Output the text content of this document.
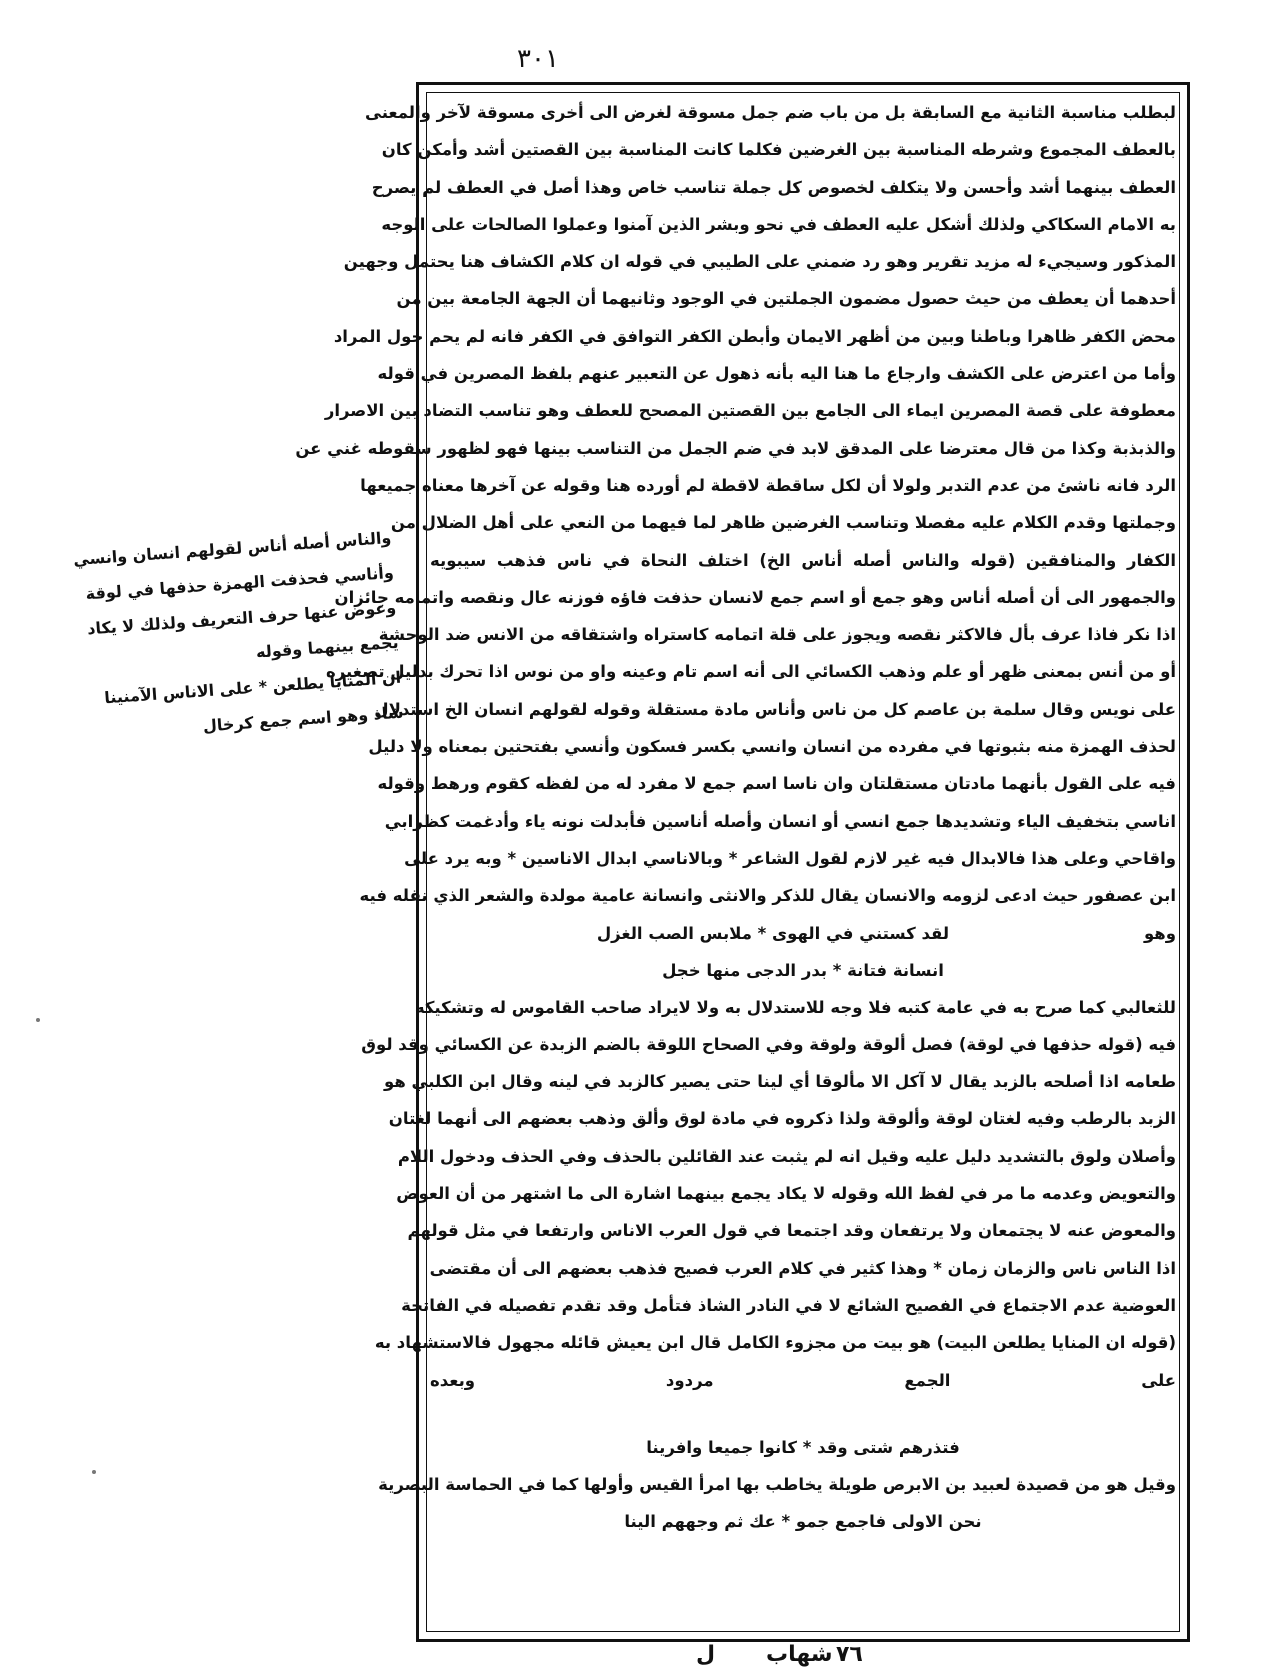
٣٠١
لبطلب مناسبة الثانية مع السابقة بل من باب ضم جمل مسوقة لغرض الى أخرى مسوقة لآخر والمعنى
بالعطف المجموع وشرطه المناسبة بين الغرضين فكلما كانت المناسبة بين القصتين أشد وأمكن كان
العطف بينهما أشد وأحسن ولا يتكلف لخصوص كل جملة تناسب خاص وهذا أصل في العطف لم يصرح
به الامام السكاكي ولذلك أشكل عليه العطف في نحو وبشر الذين آمنوا وعملوا الصالحات على الوجه
المذكور وسيجيء له مزيد تقرير وهو رد ضمني على الطيبي في قوله ان كلام الكشاف هنا يحتمل وجهين
أحدهما أن يعطف من حيث حصول مضمون الجملتين في الوجود وثانيهما أن الجهة الجامعة بين من
محض الكفر ظاهرا وباطنا وبين من أظهر الايمان وأبطن الكفر التوافق في الكفر فانه لم يحم حول المراد
وأما من اعترض على الكشف وارجاع ما هنا اليه بأنه ذهول عن التعبير عنهم بلفظ المصرين في قوله
معطوفة على قصة المصرين ايماء الى الجامع بين القصتين المصحح للعطف وهو تناسب التضاد بين الاصرار
والذبذبة وكذا من قال معترضا على المدقق لابد في ضم الجمل من التناسب بينها فهو لظهور سقوطه غني عن
الرد فانه ناشئ من عدم التدبر ولولا أن لكل ساقطة لاقطة لم أورده هنا وقوله عن آخرها معناه جميعها
وجملتها وقدم الكلام عليه مفصلا وتناسب الغرضين ظاهر لما فيهما من النعي على أهل الضلال من
الكفار والمنافقين (قوله والناس أصله أناس الخ) اختلف النحاة في ناس فذهب سيبويه
والجمهور الى أن أصله أناس وهو جمع أو اسم جمع لانسان حذفت فاؤه فوزنه عال ونقصه واتمامه جائزان
اذا نكر فاذا عرف بأل فالاكثر نقصه ويجوز على قلة اتمامه كاستراه واشتقاقه من الانس ضد الوحشة
أو من أنس بمعنى ظهر أو علم وذهب الكسائي الى أنه اسم تام وعينه واو من نوس اذا تحرك بدليل تصغيره
على نويس وقال سلمة بن عاصم كل من ناس وأناس مادة مستقلة وقوله لقولهم انسان الخ استدلال
لحذف الهمزة منه بثبوتها في مفرده من انسان وانسي بكسر فسكون وأنسي بفتحتين بمعناه ولا دليل
فيه على القول بأنهما مادتان مستقلتان وان ناسا اسم جمع لا مفرد له من لفظه كقوم ورهط وقوله
اناسي بتخفيف الياء وتشديدها جمع انسي أو انسان وأصله أناسين فأبدلت نونه ياء وأدغمت كظرابي
واقاحي وعلى هذا فالابدال فيه غير لازم لقول الشاعر * وبالاناسي ابدال الاناسين * وبه يرد على
ابن عصفور حيث ادعى لزومه والانسان يقال للذكر والانثى وانسانة عامية مولدة والشعر الذي نقله فيه
وهو
لقد كستني في الهوى * ملابس الصب الغزل
انسانة فتانة * بدر الدجى منها خجل
للثعالبي كما صرح به في عامة كتبه فلا وجه للاستدلال به ولا لايراد صاحب القاموس له وتشكيكه
فيه (قوله حذفها في لوقة) فصل ألوقة ولوقة وفي الصحاح اللوقة بالضم الزبدة عن الكسائي وقد لوق
طعامه اذا أصلحه بالزبد يقال لا آكل الا مألوقا أي لينا حتى يصير كالزبد في لينه وقال ابن الكلبي هو
الزبد بالرطب وفيه لغتان لوقة وألوقة ولذا ذكروه في مادة لوق وألق وذهب بعضهم الى أنهما لغتان
وأصلان ولوق بالتشديد دليل عليه وقيل انه لم يثبت عند القائلين بالحذف وفي الحذف ودخول اللام
والتعويض وعدمه ما مر في لفظ الله وقوله لا يكاد يجمع بينهما اشارة الى ما اشتهر من أن العوض
والمعوض عنه لا يجتمعان ولا يرتفعان وقد اجتمعا في قول العرب الاناس وارتفعا في مثل قولهم
اذا الناس ناس والزمان زمان * وهذا كثير في كلام العرب فصيح فذهب بعضهم الى أن مقتضى
العوضية عدم الاجتماع في الفصيح الشائع لا في النادر الشاذ فتأمل وقد تقدم تفصيله في الفاتحة
(قوله ان المنايا يطلعن البيت) هو بيت من مجزوء الكامل قال ابن يعيش قائله مجهول فالاستشهاد به
على الجمع مردود وبعده
فتذرهم شتى وقد * كانوا جميعا وافرينا
وقيل هو من قصيدة لعبيد بن الابرص طويلة يخاطب بها امرأ القيس وأولها كما في الحماسة البصرية
نحن الاولى فاجمع جمو * عك ثم وجههم الينا
٧٦
شهاب
ل
والناس أصله أناس لقولهم انسان وانسي
وأناسي فحذفت الهمزة حذفها في لوقة
وعوض عنها حرف التعريف ولذلك لا يكاد
يجمع بينهما وقوله
ان المنايا يطلعن * على الاناس الآمنينا
شاذ وهو اسم جمع كرخال
